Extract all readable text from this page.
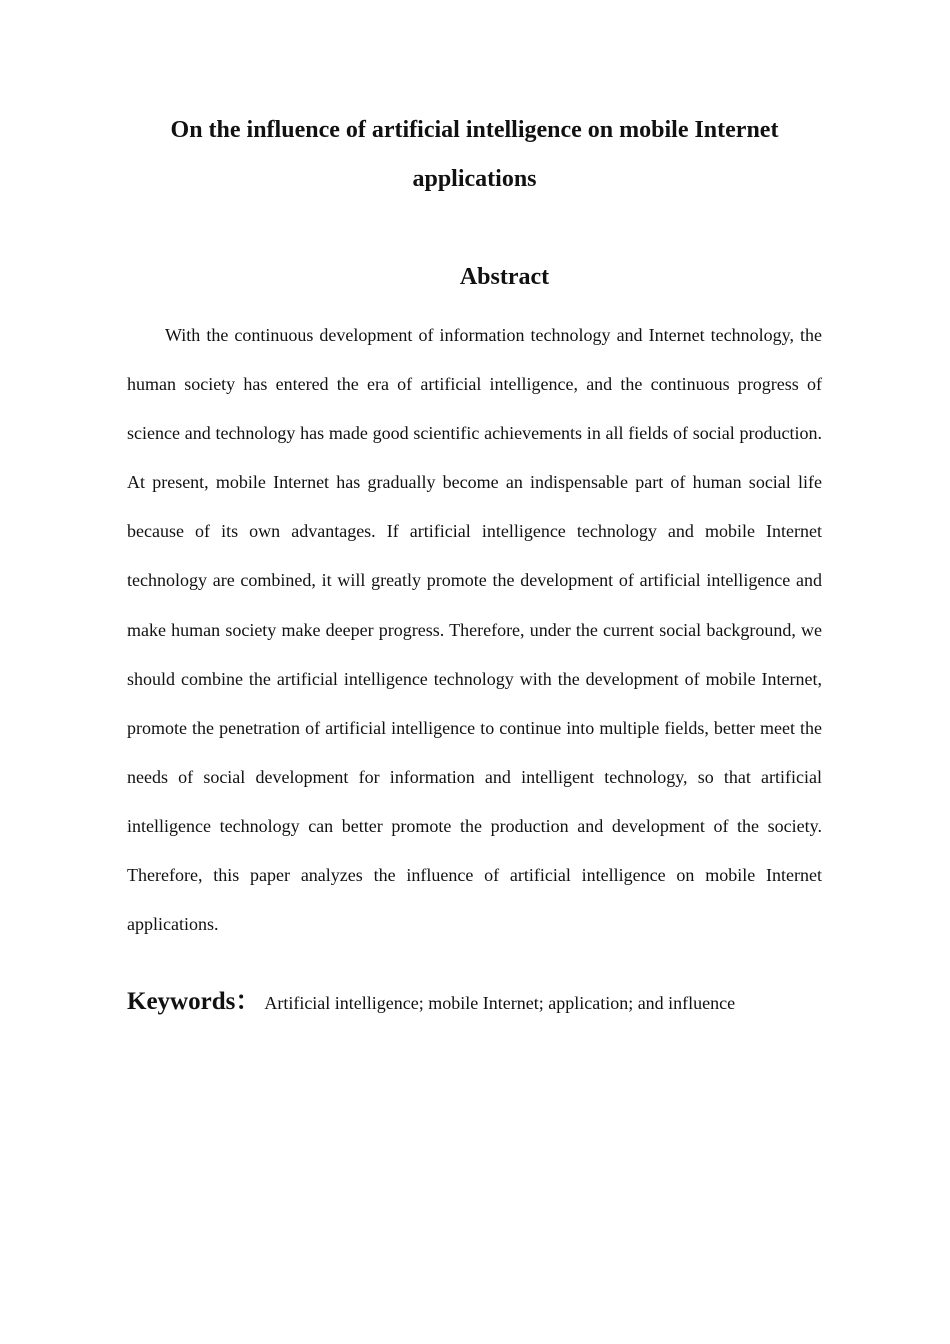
On the influence of artificial intelligence on mobile Internet applications
Abstract

With the continuous development of information technology and Internet technology, the human society has entered the era of artificial intelligence, and the continuous progress of science and technology has made good scientific achievements in all fields of social production. At present, mobile Internet has gradually become an indispensable part of human social life because of its own advantages. If artificial intelligence technology and mobile Internet technology are combined, it will greatly promote the development of artificial intelligence and make human society make deeper progress. Therefore, under the current social background, we should combine the artificial intelligence technology with the development of mobile Internet, promote the penetration of artificial intelligence to continue into multiple fields, better meet the needs of social development for information and intelligent technology, so that artificial intelligence technology can better promote the production and development of the society. Therefore, this paper analyzes the influence of artificial intelligence on mobile Internet applications.

Keywords： Artificial intelligence; mobile Internet; application; and influence
